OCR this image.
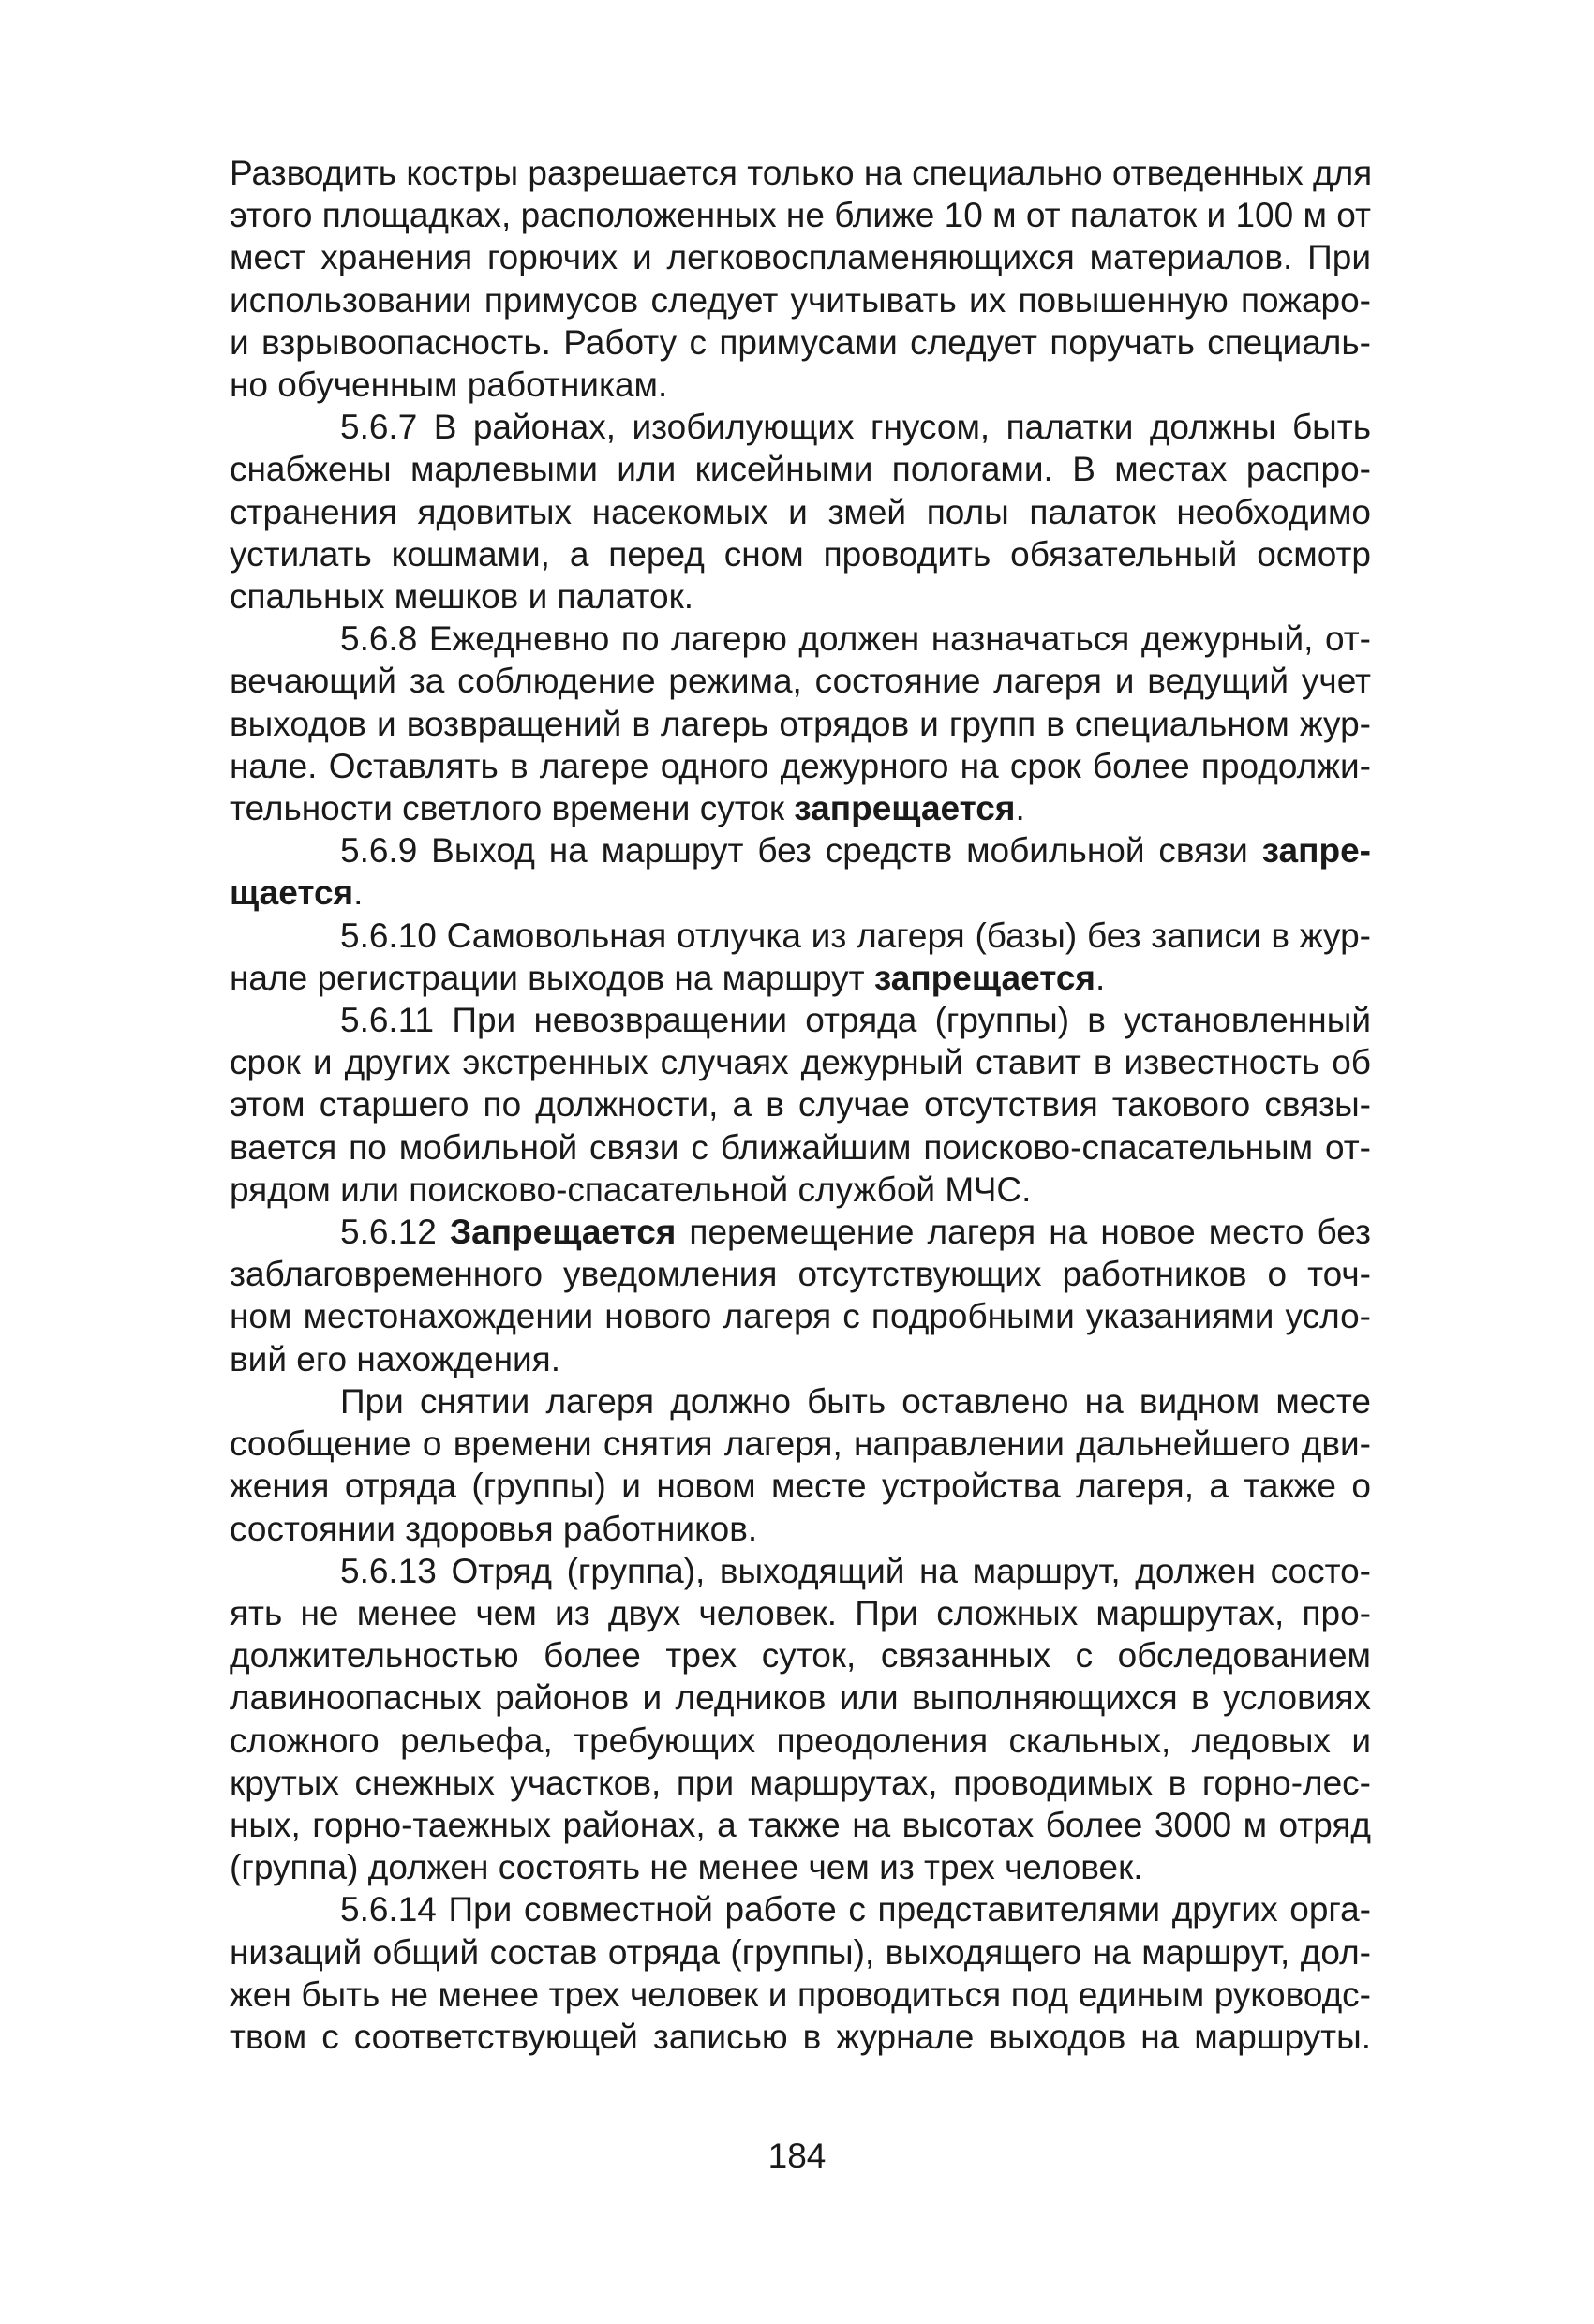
Разводить костры разрешается только на специально отведенных для
этого площадках, расположенных не ближе 10 м от палаток и 100 м от
мест хранения горючих и легковоспламеняющихся материалов. При
использовании примусов следует учитывать их повышенную пожаро-
и взрывоопасность. Работу с примусами следует поручать специаль-
но обученным работникам.
5.6.7 В районах, изобилующих гнусом, палатки должны быть
снабжены марлевыми или кисейными пологами. В местах распро-
странения ядовитых насекомых и змей полы палаток необходимо
устилать кошмами, а перед сном проводить обязательный осмотр
спальных мешков и палаток.
5.6.8 Ежедневно по лагерю должен назначаться дежурный, от-
вечающий за соблюдение режима, состояние лагеря и ведущий учет
выходов и возвращений в лагерь отрядов и групп в специальном жур-
нале. Оставлять в лагере одного дежурного на срок более продолжи-
тельности светлого времени суток запрещается.
5.6.9 Выход на маршрут без средств мобильной связи запре-
щается.
5.6.10 Самовольная отлучка из лагеря (базы) без записи в жур-
нале регистрации выходов на маршрут запрещается.
5.6.11 При невозвращении отряда (группы) в установленный
срок и других экстренных случаях дежурный ставит в известность об
этом старшего по должности, а в случае отсутствия такового связы-
вается по мобильной связи с ближайшим поисково-спасательным от-
рядом или поисково-спасательной службой МЧС.
5.6.12 Запрещается перемещение лагеря на новое место без
заблаговременного уведомления отсутствующих работников о точ-
ном местонахождении нового лагеря с подробными указаниями усло-
вий его нахождения.
При снятии лагеря должно быть оставлено на видном месте
сообщение о времени снятия лагеря, направлении дальнейшего дви-
жения отряда (группы) и новом месте устройства лагеря, а также о
состоянии здоровья работников.
5.6.13 Отряд (группа), выходящий на маршрут, должен состо-
ять не менее чем из двух человек. При сложных маршрутах, про-
должительностью более трех суток, связанных с обследованием
лавиноопасных районов и ледников или выполняющихся в условиях
сложного рельефа, требующих преодоления скальных, ледовых и
крутых снежных участков, при маршрутах, проводимых в горно-лес-
ных, горно-таежных районах, а также на высотах более 3000 м отряд
(группа) должен состоять не менее чем из трех человек.
5.6.14 При совместной работе с представителями других орга-
низаций общий состав отряда (группы), выходящего на маршрут, дол-
жен быть не менее трех человек и проводиться под единым руководс-
твом с соответствующей записью в журнале выходов на маршруты.
184
